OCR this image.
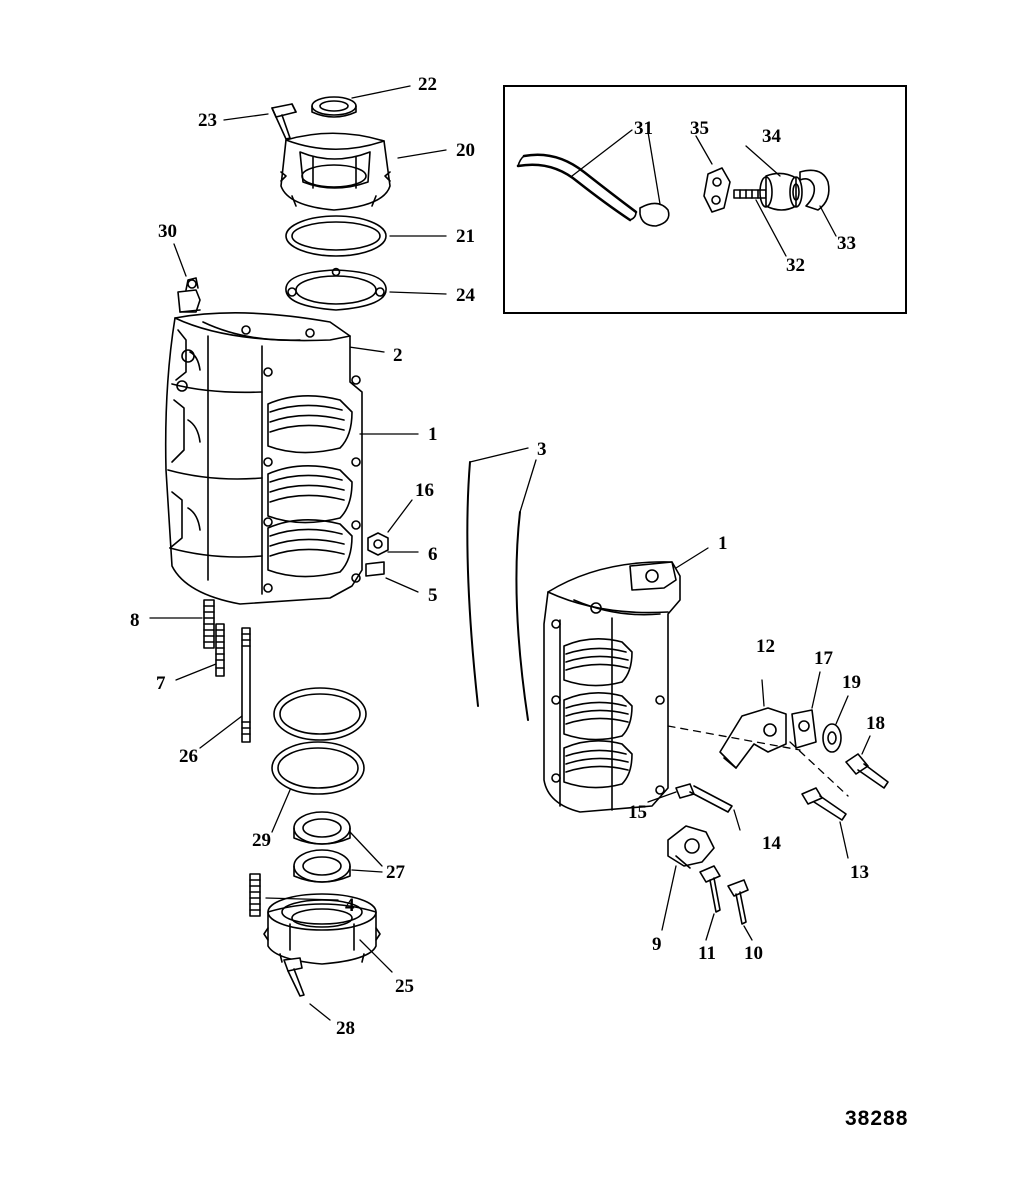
22
23
20
21
30
24
2
1
3
16
6
1
5
8
12
17
19
7
18
26
15
29	14
13
27
4
9 11 10
25
28
31 35	34
33
32
38288
